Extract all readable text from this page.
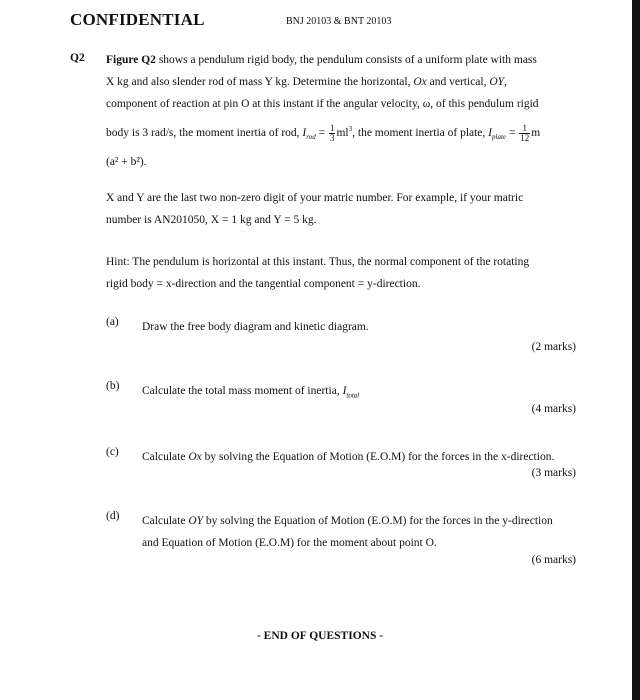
CONFIDENTIAL	BNJ 20103 & BNT 20103
Q2 Figure Q2 shows a pendulum rigid body, the pendulum consists of a uniform plate with mass
X kg and also slender rod of mass Y kg. Determine the horizontal, Ox and vertical, OY,
component of reaction at pin O at this instant if the angular velocity, ω, of this pendulum rigid
body is 3 rad/s, the moment inertia of rod, $I_{rod} = \frac{1}{3} ml^3$, the moment inertia of plate, $I_{plate} = \frac{1}{12}$ m
(a² + b²).
X and Y are the last two non-zero digit of your matric number. For example, if your matric
number is AN201050, X = 1 kg and Y = 5 kg.
Hint: The pendulum is horizontal at this instant. Thus, the normal component of the rotating
rigid body = x-direction and the tangential component = y-direction.
(a) Draw the free body diagram and kinetic diagram.
(2 marks)
(b) Calculate the total mass moment of inertia, $I_{total}$
(4 marks)
(c) Calculate Ox by solving the Equation of Motion (E.O.M) for the forces in the x-direction.
(3 marks)
(d) Calculate OY by solving the Equation of Motion (E.O.M) for the forces in the y-direction
and Equation of Motion (E.O.M) for the moment about point O.
(6 marks)
- END OF QUESTIONS -
